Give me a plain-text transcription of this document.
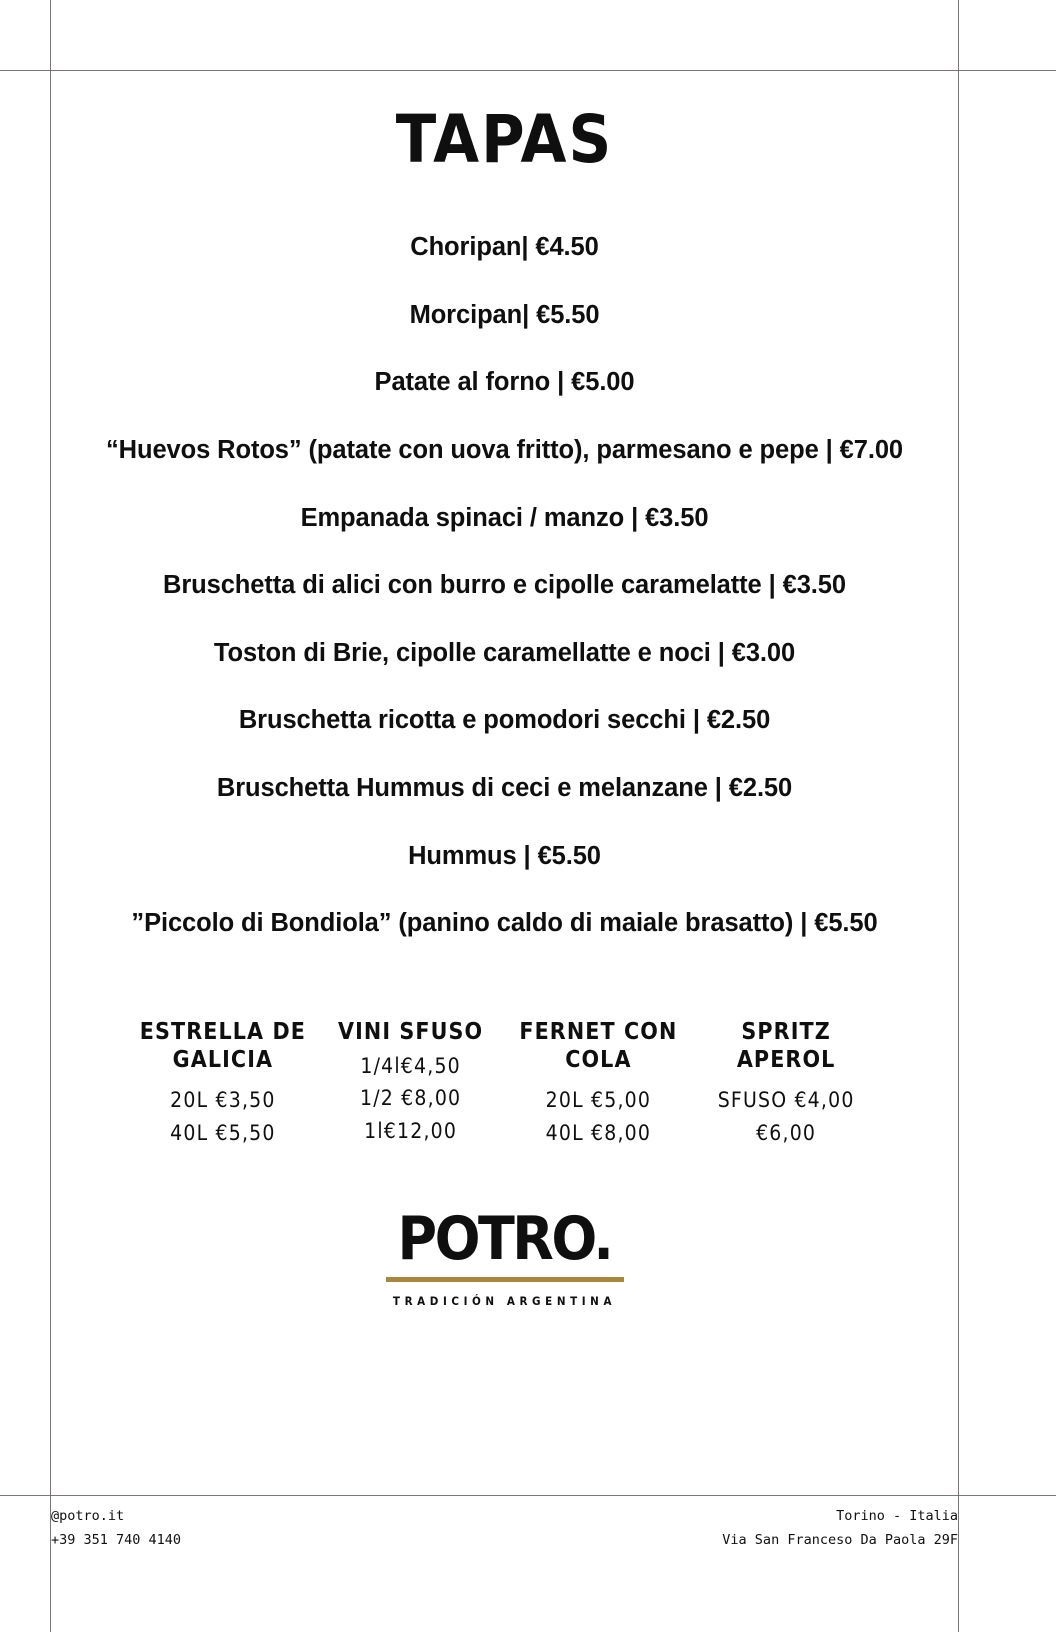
TAPAS
Choripan| €4.50
Morcipan| €5.50
Patate al forno | €5.00
“Huevos Rotos” (patate con uova fritto), parmesano e pepe | €7.00
Empanada spinaci / manzo | €3.50
Bruschetta di alici con burro e cipolle caramelatte | €3.50
Toston di Brie, cipolle caramellatte e noci | €3.00
Bruschetta ricotta e pomodori secchi | €2.50
Bruschetta Hummus di ceci e melanzane | €2.50
Hummus | €5.50
”Piccolo di Bondiola” (panino caldo di maiale brasatto) | €5.50
ESTRELLA DE GALICIA
20L €3,50
40L €5,50
VINI SFUSO
1/4l€4,50
1/2 €8,00
1l€12,00
FERNET CON COLA
20L €5,00
40L €8,00
SPRITZ APEROL
SFUSO €4,00
€6,00
POTRO.
TRADICIÓN ARGENTINA
@potro.it
+39 351 740 4140
Torino - Italia
Via San Franceso Da Paola 29F
